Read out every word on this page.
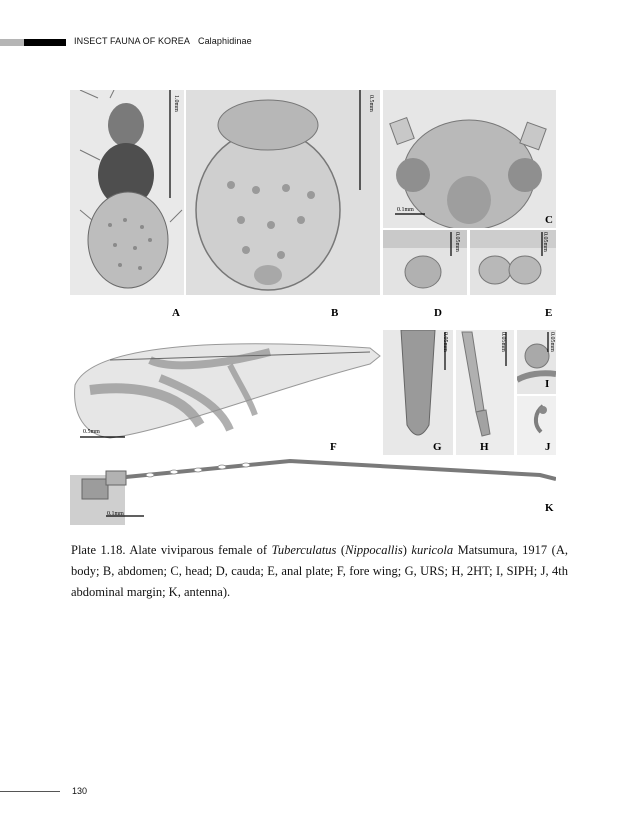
INSECT FAUNA OF KOREA Calaphidinae
1.0mm
A
0.5mm
B
0.1mm
C
0.05mm
D
0.05mm
E
0.5mm
F
0.05mm
G
0.05mm
H
0.05mm
I
J
0.1mm	K
Plate 1.18. Alate viviparous female of Tuberculatus (Nippocallis) kuricola Matsumura, 1917 (A, body; B, abdomen; C, head; D, cauda; E, anal plate; F, fore wing; G, URS; H, 2HT; I, SIPH; J, 4th abdominal margin; K, antenna).
130
